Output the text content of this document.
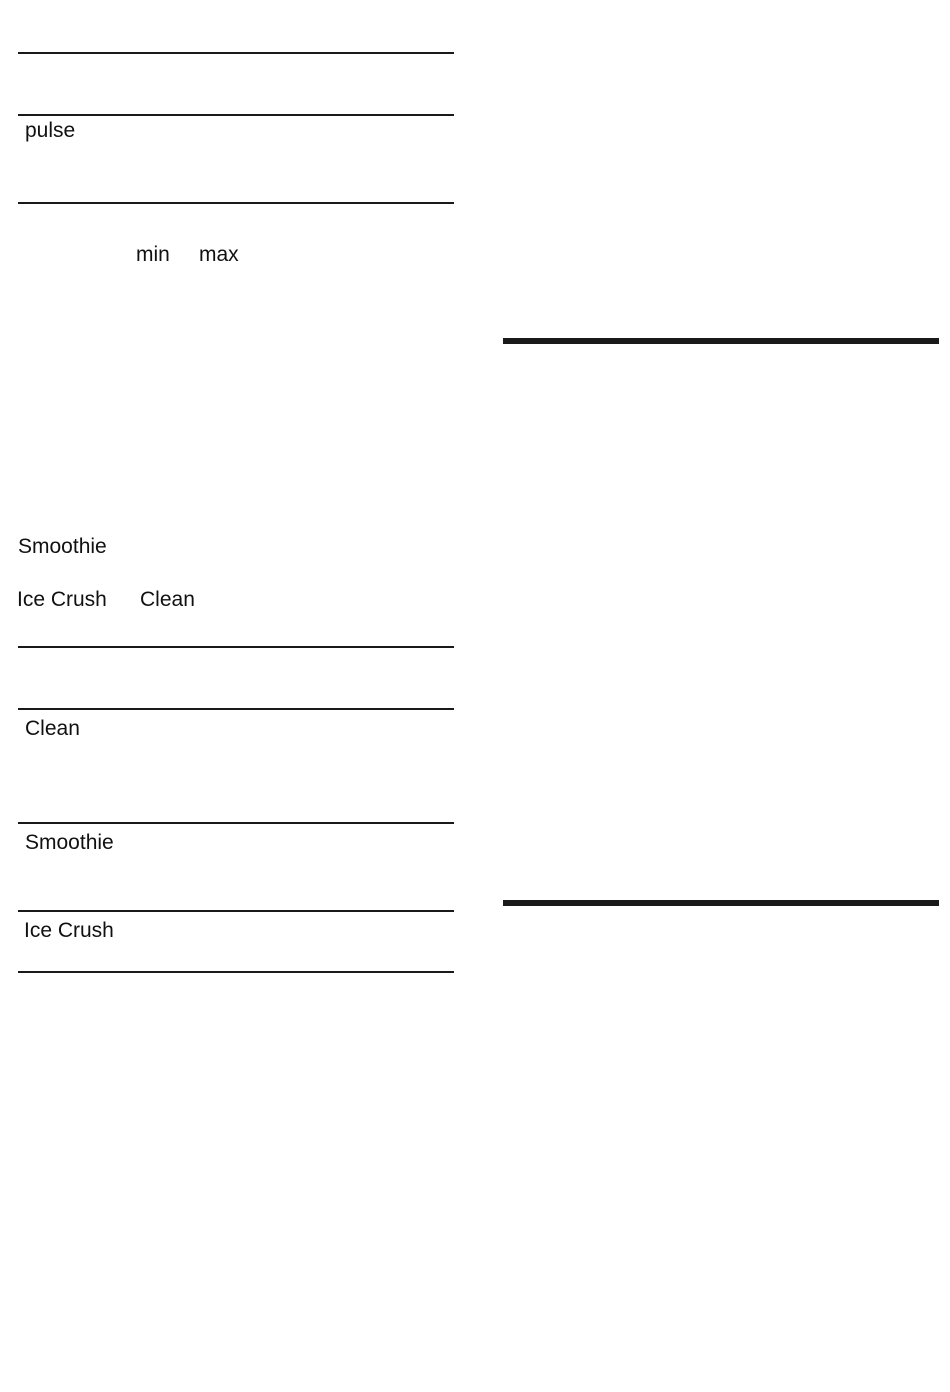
pulse
min max
Smoothie
Ice Crush Clean
Clean
Smoothie
Ice Crush
